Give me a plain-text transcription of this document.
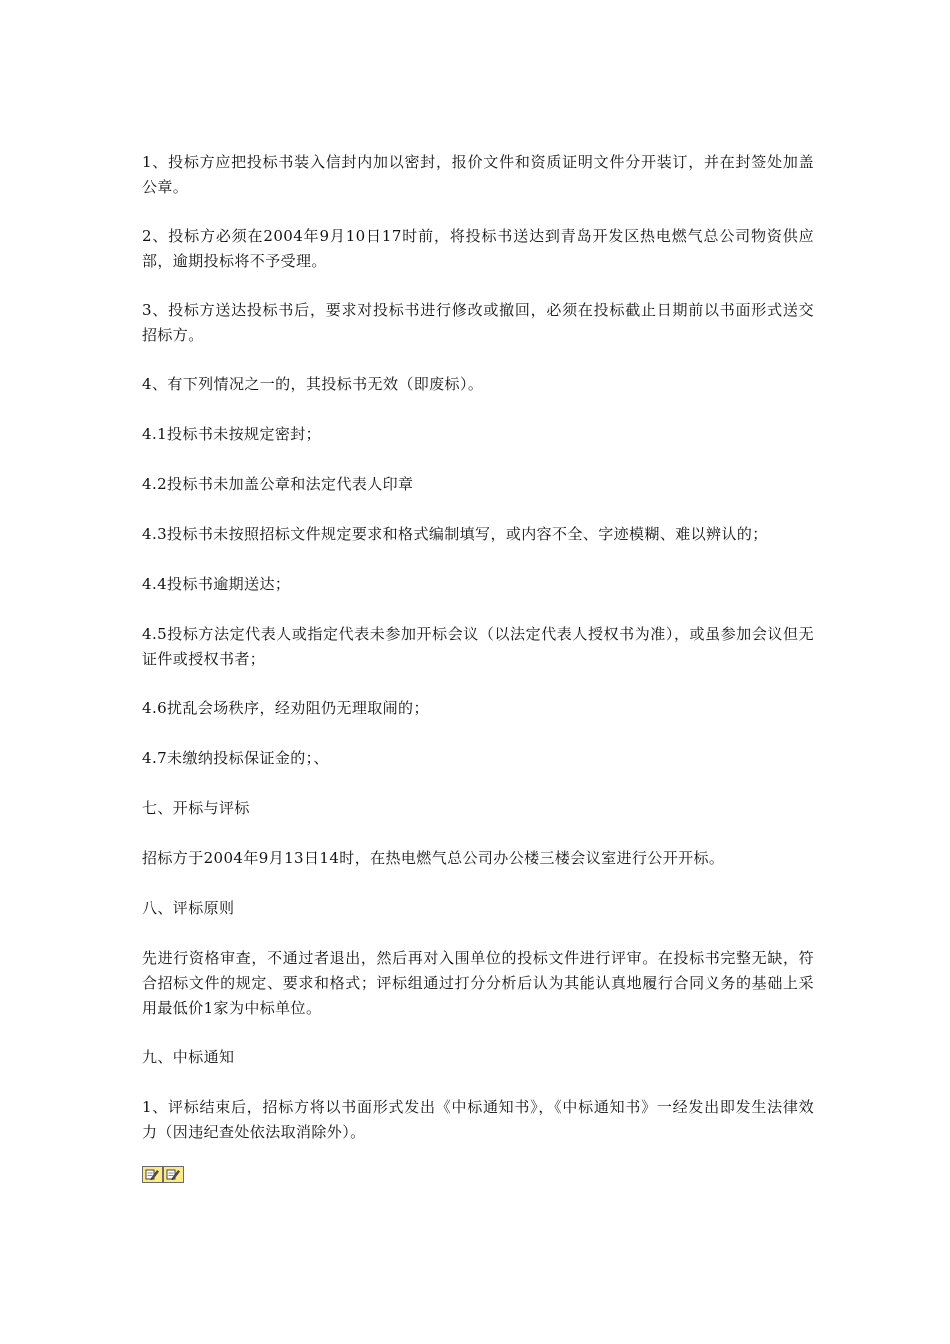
1、投标方应把投标书装入信封内加以密封，报价文件和资质证明文件分开装订，并在封签处加盖公章。

2、投标方必须在2004年9月10日17时前，将投标书送达到青岛开发区热电燃气总公司物资供应部，逾期投标将不予受理。

3、投标方送达投标书后，要求对投标书进行修改或撤回，必须在投标截止日期前以书面形式送交招标方。

4、有下列情况之一的，其投标书无效（即废标）。

4.1投标书未按规定密封；

4.2投标书未加盖公章和法定代表人印章

4.3投标书未按照招标文件规定要求和格式编制填写，或内容不全、字迹模糊、难以辨认的；

4.4投标书逾期送达；

4.5投标方法定代表人或指定代表未参加开标会议（以法定代表人授权书为准），或虽参加会议但无证件或授权书者；

4.6扰乱会场秩序，经劝阻仍无理取闹的；

4.7未缴纳投标保证金的；、

七、开标与评标

招标方于2004年9月13日14时，在热电燃气总公司办公楼三楼会议室进行公开开标。

八、评标原则

先进行资格审查，不通过者退出，然后再对入围单位的投标文件进行评审。在投标书完整无缺，符合招标文件的规定、要求和格式；评标组通过打分分析后认为其能认真地履行合同义务的基础上采用最低价1家为中标单位。

九、中标通知

1、评标结束后，招标方将以书面形式发出《中标通知书》，《中标通知书》一经发出即发生法律效力（因违纪查处依法取消除外）。
